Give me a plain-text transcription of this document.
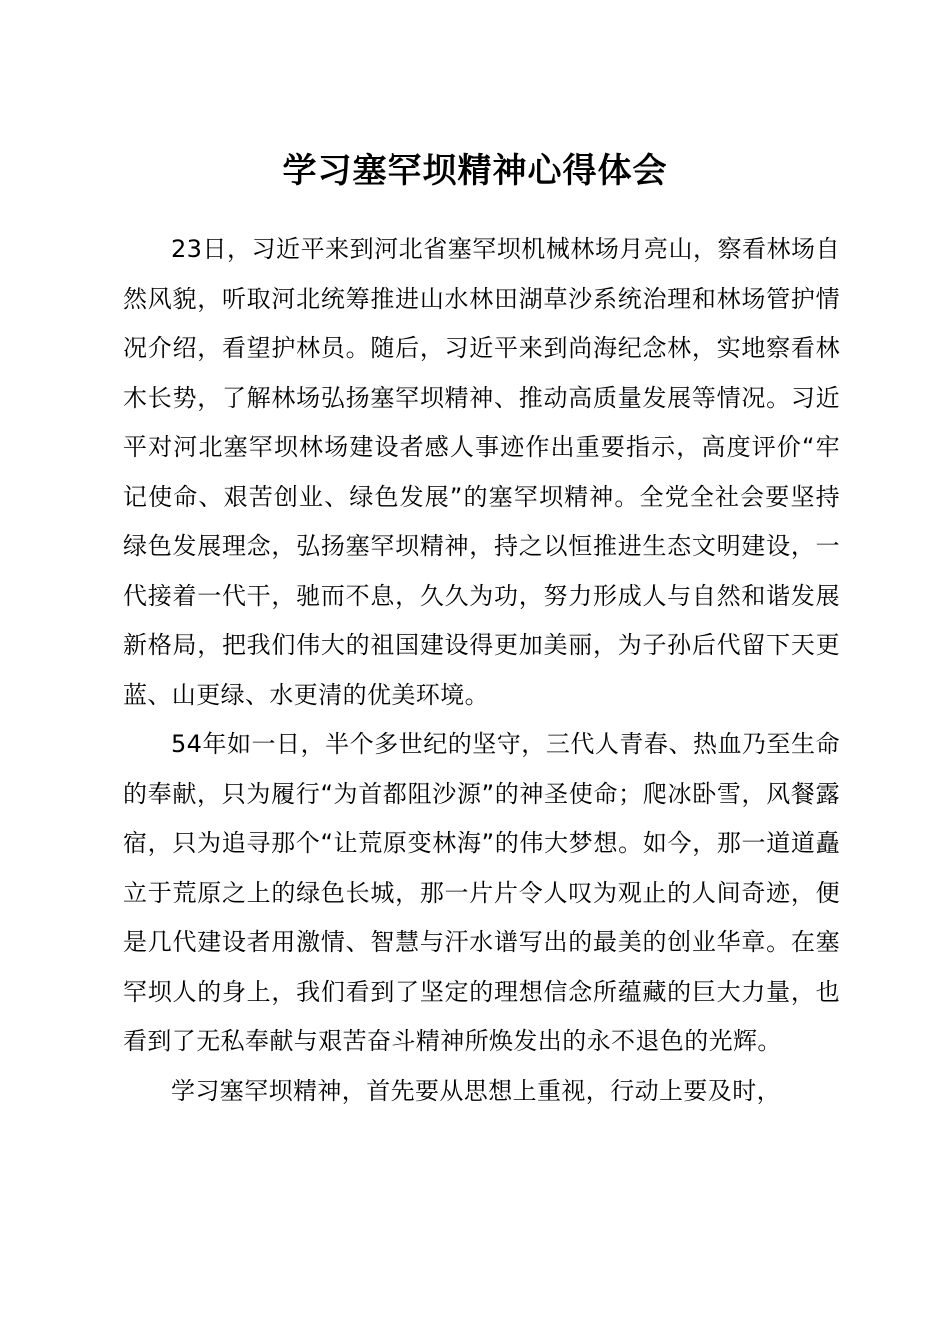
学习塞罕坝精神心得体会

23日，习近平来到河北省塞罕坝机械林场月亮山，察看林场自然风貌，听取河北统筹推进山水林田湖草沙系统治理和林场管护情况介绍，看望护林员。随后，习近平来到尚海纪念林，实地察看林木长势，了解林场弘扬塞罕坝精神、推动高质量发展等情况。习近平对河北塞罕坝林场建设者感人事迹作出重要指示，高度评价“牢记使命、艰苦创业、绿色发展”的塞罕坝精神。全党全社会要坚持绿色发展理念，弘扬塞罕坝精神，持之以恒推进生态文明建设，一代接着一代干，驰而不息，久久为功，努力形成人与自然和谐发展新格局，把我们伟大的祖国建设得更加美丽，为子孙后代留下天更蓝、山更绿、水更清的优美环境。

54年如一日，半个多世纪的坚守，三代人青春、热血乃至生命的奉献，只为履行“为首都阻沙源”的神圣使命；爬冰卧雪，风餐露宿，只为追寻那个“让荒原变林海”的伟大梦想。如今，那一道道矗立于荒原之上的绿色长城，那一片片令人叹为观止的人间奇迹，便是几代建设者用激情、智慧与汗水谱写出的最美的创业华章。在塞罕坝人的身上，我们看到了坚定的理想信念所蕴藏的巨大力量，也看到了无私奉献与艰苦奋斗精神所焕发出的永不退色的光辉。

学习塞罕坝精神，首先要从思想上重视，行动上要及时，
